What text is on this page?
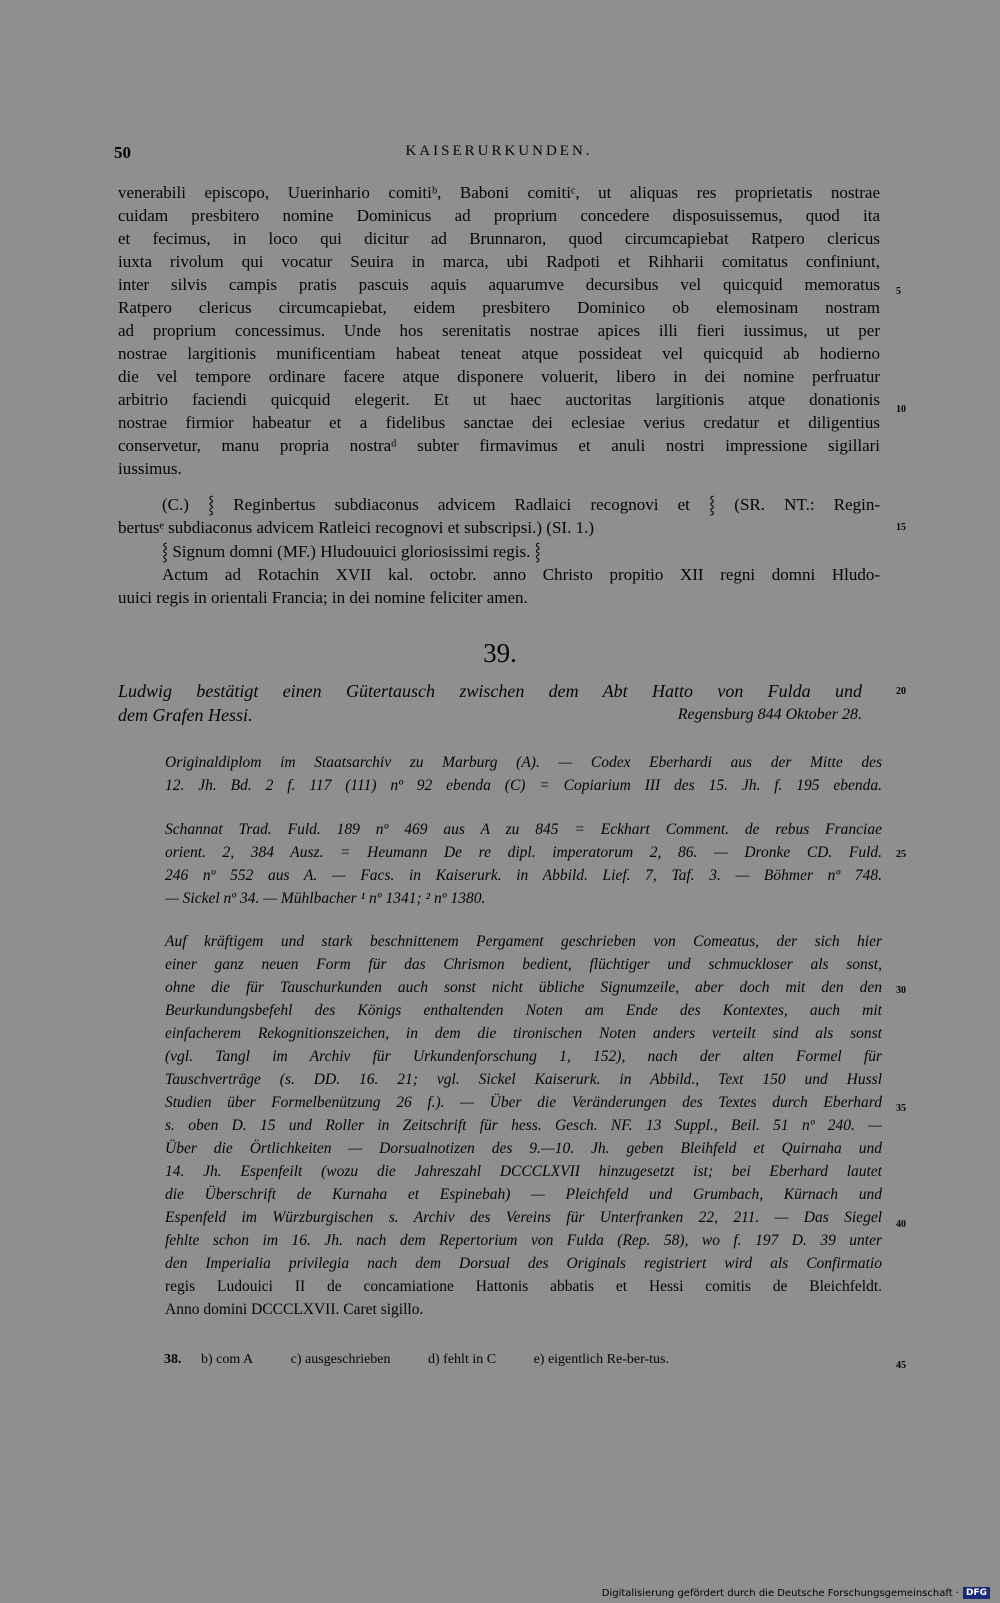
50	KAISERURKUNDEN.
venerabili episcopo, Uuerinhario comitiᵇ, Baboni comitiᶜ, ut aliquas res proprietatis nostrae
cuidam presbitero nomine Dominicus ad proprium concedere disposuissemus, quod ita
et fecimus, in loco qui dicitur ad Brunnaron, quod circumcapiebat Ratpero clericus
iuxta rivolum qui vocatur Seuira in marca, ubi Radpoti et Rihharii comitatus confiniunt,
inter silvis campis pratis pascuis aquis aquarumve decursibus vel quicquid memoratus
Ratpero clericus circumcapiebat, eidem presbitero Dominico ob elemosinam nostram
ad proprium concessimus. Unde hos serenitatis nostrae apices illi fieri iussimus, ut per
nostrae largitionis munificentiam habeat teneat atque possideat vel quicquid ab hodierno
die vel tempore ordinare facere atque disponere voluerit, libero in dei nomine perfruatur
arbitrio faciendi quicquid elegerit. Et ut haec auctoritas largitionis atque donationis
nostrae firmior habeatur et a fidelibus sanctae dei eclesiae verius credatur et diligentius
conservetur, manu propria nostraᵈ subter firmavimus et anuli nostri impressione sigillari
iussimus.
(C.) ⸾ Reginbertus subdiaconus advicem Radlaici recognovi et ⸾ (SR. NT.: Regin-
bertusᵉ subdiaconus advicem Ratleici recognovi et subscripsi.) (SI. 1.)
⸾ Signum domni (MF.) Hludouuici gloriosissimi regis. ⸾
Actum ad Rotachin XVII kal. octobr. anno Christo propitio XII regni domni Hludo-
uuici regis in orientali Francia; in dei nomine feliciter amen.
39.
Ludwig bestätigt einen Gütertausch zwischen dem Abt Hatto von Fulda und
dem Grafen Hessi.	Regensburg 844 Oktober 28.
Originaldiplom im Staatsarchiv zu Marburg (A). — Codex Eberhardi aus der Mitte des
12. Jh. Bd. 2 f. 117 (111) nº 92 ebenda (C) = Copiarium III des 15. Jh. f. 195 ebenda.
Schannat Trad. Fuld. 189 nº 469 aus A zu 845 = Eckhart Comment. de rebus Franciae
orient. 2, 384 Ausz. = Heumann De re dipl. imperatorum 2, 86. — Dronke CD. Fuld.
246 nº 552 aus A. — Facs. in Kaiserurk. in Abbild. Lief. 7, Taf. 3. — Böhmer nº 748.
— Sickel nº 34. — Mühlbacher ¹ nº 1341; ² nº 1380.
Auf kräftigem und stark beschnittenem Pergament geschrieben von Comeatus, der sich hier
einer ganz neuen Form für das Chrismon bedient, flüchtiger und schmuckloser als sonst,
ohne die für Tauschurkunden auch sonst nicht übliche Signumzeile, aber doch mit den den
Beurkundungsbefehl des Königs enthaltenden Noten am Ende des Kontextes, auch mit
einfacherem Rekognitionszeichen, in dem die tironischen Noten anders verteilt sind als sonst
(vgl. Tangl im Archiv für Urkundenforschung 1, 152), nach der alten Formel für
Tauschverträge (s. DD. 16. 21; vgl. Sickel Kaiserurk. in Abbild., Text 150 und Hussl
Studien über Formelbenützung 26 f.). — Über die Veränderungen des Textes durch Eberhard
s. oben D. 15 und Roller in Zeitschrift für hess. Gesch. NF. 13 Suppl., Beil. 51 nº 240. —
Über die Örtlichkeiten — Dorsualnotizen des 9.—10. Jh. geben Bleihfeld et Quirnaha und
14. Jh. Espenfeilt (wozu die Jahreszahl DCCCLXVII hinzugesetzt ist; bei Eberhard lautet
die Überschrift de Kurnaha et Espinebah) — Pleichfeld und Grumbach, Kürnach und
Espenfeld im Würzburgischen s. Archiv des Vereins für Unterfranken 22, 211. — Das Siegel
fehlte schon im 16. Jh. nach dem Repertorium von Fulda (Rep. 58), wo f. 197 D. 39 unter
den Imperialia privilegia nach dem Dorsual des Originals registriert wird als Confirmatio
regis Ludouici II de concamiatione Hattonis abbatis et Hessi comitis de Bleichfeldt.
Anno domini DCCCLXVII. Caret sigillo.
38. b) com A	c) ausgeschrieben	d) fehlt in C	e) eigentlich Re-ber-tus.
5
10
15
20
25
30
35
40
45
Digitalisierung gefördert durch die Deutsche Forschungsgemeinschaft · DFG
